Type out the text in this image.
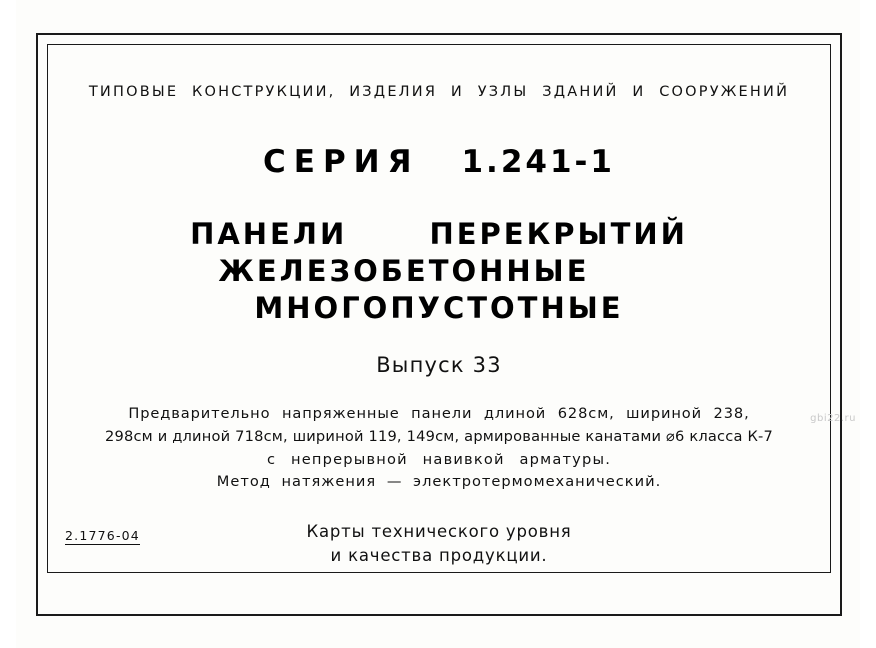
ТИПОВЫЕ КОНСТРУКЦИИ, ИЗДЕЛИЯ И УЗЛЫ ЗДАНИЙ И СООРУЖЕНИЙ
СЕРИЯ 1.241-1
ПАНЕЛИ	ПЕРЕКРЫТИЙ
ЖЕЛЕЗОБЕТОННЫЕ  МНОГОПУСТОТНЫЕ
Выпуск 33
Предварительно напряженные панели длиной 628см, шириной 238,
298см и длиной 718см, шириной 119, 149см, армированные канатами ⌀6 класса К-7
с непрерывной навивкой арматуры.
Метод натяжения — электротермомеханический.
Карты технического уровня
и качества продукции.
2.1776-04
gbi22.ru
